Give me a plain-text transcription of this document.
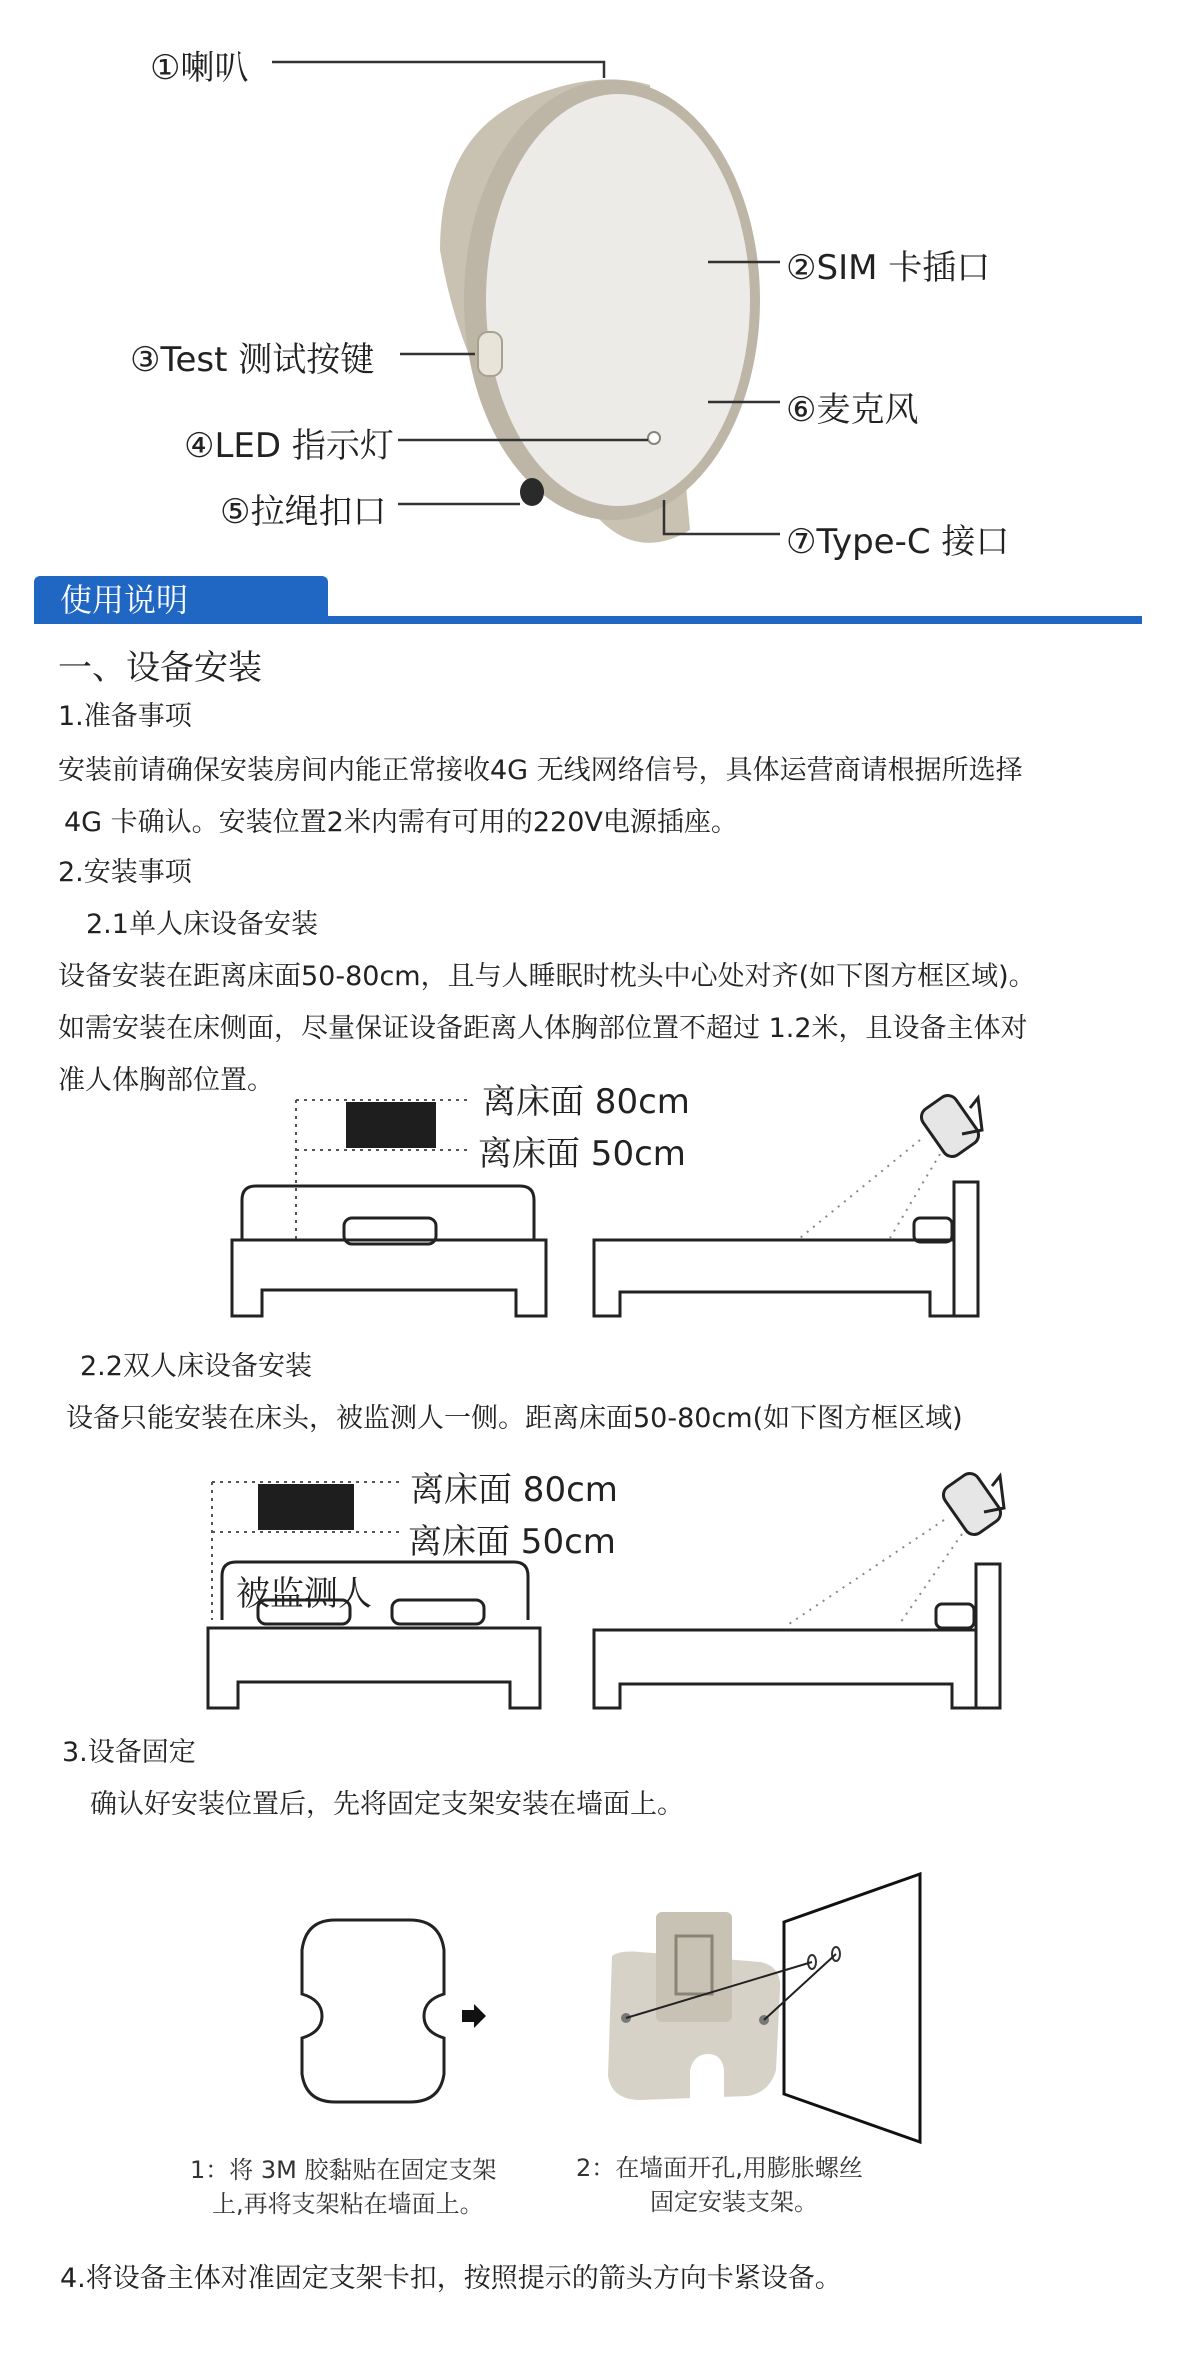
①喇叭
②SIM 卡插口
③Test 测试按键
⑥麦克风
④LED 指示灯
⑤拉绳扣口
⑦Type-C 接口
使用说明
一、设备安装
1.准备事项
安装前请确保安装房间内能正常接收4G 无线网络信号，具体运营商请根据所选择
4G 卡确认。安装位置2米内需有可用的220V电源插座。
2.安装事项
2.1单人床设备安装
设备安装在距离床面50-80cm，且与人睡眠时枕头中心处对齐(如下图方框区域)。
如需安装在床侧面，尽量保证设备距离人体胸部位置不超过 1.2米，且设备主体对
准人体胸部位置。
离床面 80cm
离床面 50cm
2.2双人床设备安装
设备只能安装在床头，被监测人一侧。距离床面50-80cm(如下图方框区域)
离床面 80cm
离床面 50cm
被监测人
3.设备固定
确认好安装位置后，先将固定支架安装在墙面上。
1：将 3M 胶黏贴在固定支架
上,再将支架粘在墙面上。
2：在墙面开孔,用膨胀螺丝
固定安装支架。
4.将设备主体对准固定支架卡扣，按照提示的箭头方向卡紧设备。
